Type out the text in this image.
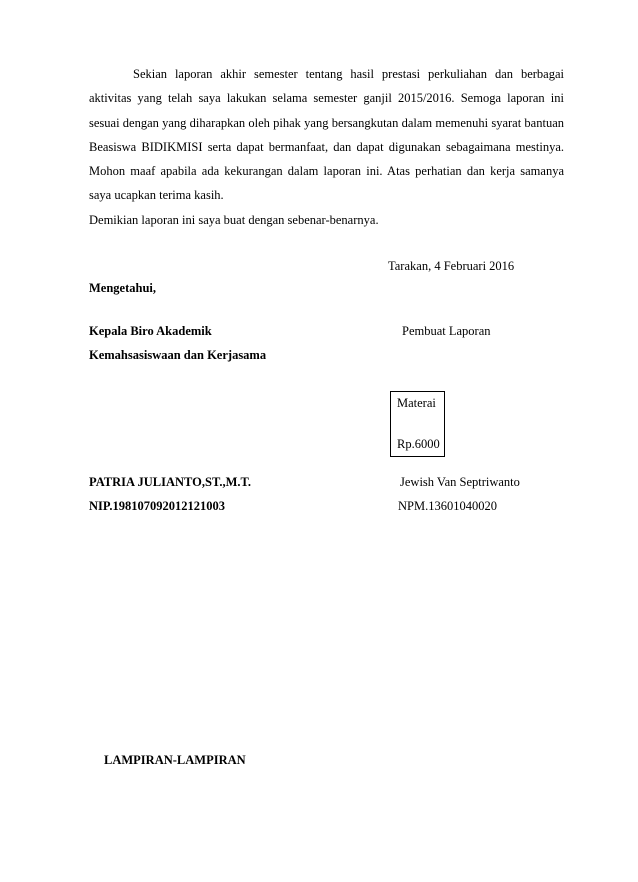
Sekian laporan akhir semester tentang hasil prestasi perkuliahan dan berbagai aktivitas yang telah saya lakukan selama semester ganjil 2015/2016. Semoga laporan ini sesuai dengan yang diharapkan oleh pihak yang bersangkutan dalam memenuhi syarat bantuan Beasiswa BIDIKMISI serta dapat bermanfaat, dan dapat digunakan sebagaimana mestinya. Mohon maaf apabila ada kekurangan dalam laporan ini. Atas perhatian dan kerja samanya saya ucapkan terima kasih.

Demikian laporan ini saya buat dengan sebenar-benarnya.

Tarakan, 4 Februari 2016
Mengetahui,
Kepala Biro Akademik
Kemahsasiswaan dan Kerjasama
Pembuat Laporan
Materai
Rp.6000
PATRIA JULIANTO,ST.,M.T.
NIP.198107092012121003
Jewish Van Septriwanto
NPM.13601040020
LAMPIRAN-LAMPIRAN
